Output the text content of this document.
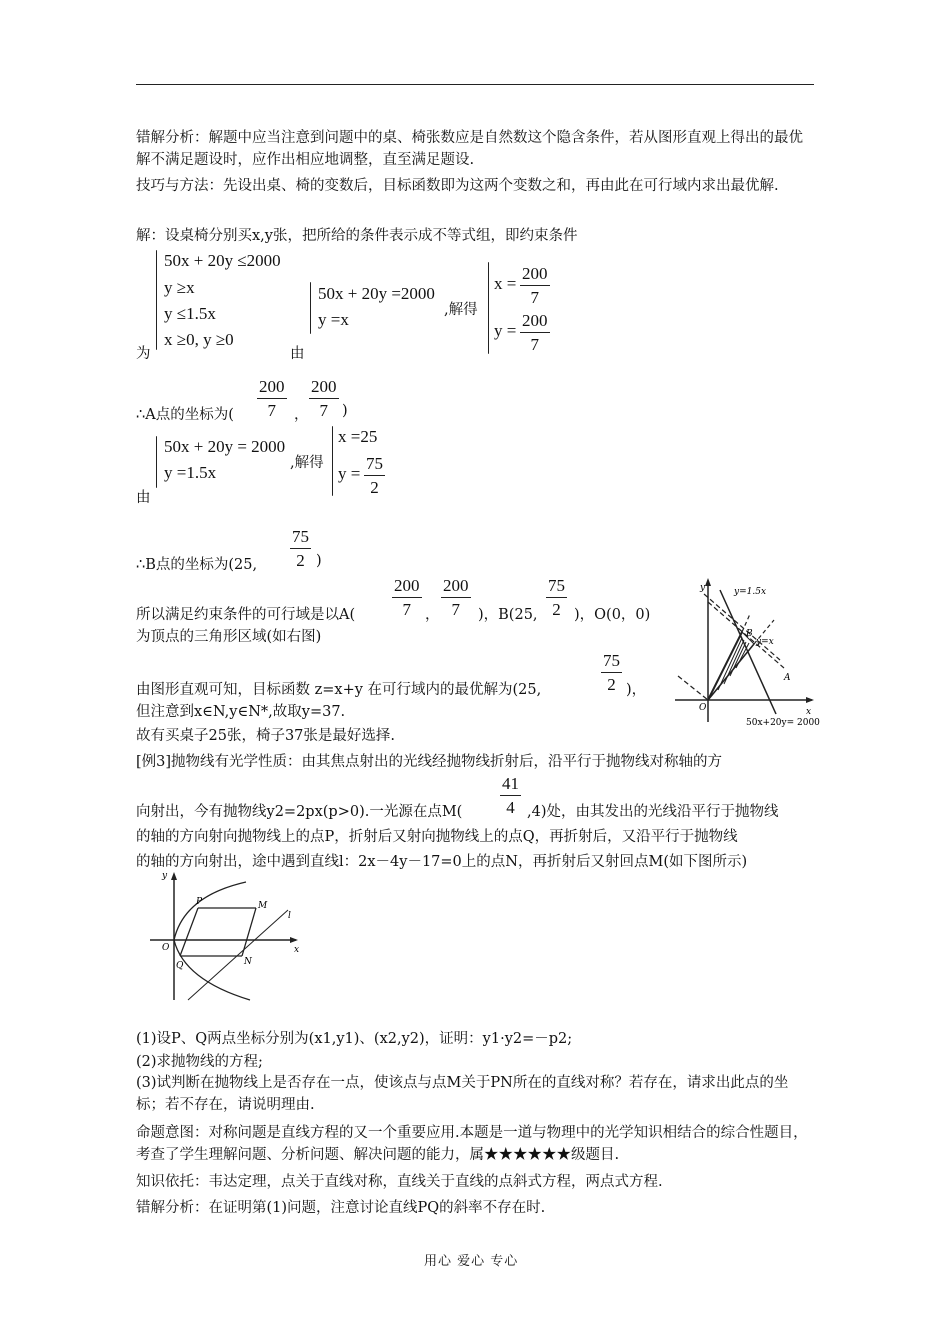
错解分析：解题中应当注意到问题中的桌、椅张数应是自然数这个隐含条件，若从图形直观上得出的最优解不满足题设时，应作出相应地调整，直至满足题设.
技巧与方法：先设出桌、椅的变数后，目标函数即为这两个变数之和，再由此在可行域内求出最优解.
解：设桌椅分别买x,y张，把所给的条件表示成不等式组，即约束条件
为
50x + 20y ≤2000
y ≥x
y ≤1.5x
x ≥0, y ≥0
由
50x + 20y =2000
y =x	,解得
$x = \frac{200}{7}$
$y = \frac{200}{7}$
∴A点的坐标为( $\frac{200}{7}$ ， $\frac{200}{7}$ )
50x + 20y = 2000
y =1.5x	,解得
由
x =25
$y = \frac{75}{2}$
∴B点的坐标为(25, $\frac{75}{2}$ )
所以满足约束条件的可行域是以$A( \frac{200}{7}$ ， $\frac{200}{7}$ )，B(25, $\frac{75}{2}$ )，O(0，0)
为顶点的三角形区域(如右图)
由图形直观可知，目标函数 z=x+y 在可行域内的最优解为(25,	$\frac{75}{2}$ )，
但注意到x∈N,y∈N*,故取y=37.
故有买桌子25张，椅子37张是最好选择.
y
x
O
y=1.5x
y=x
B
A
50x+20y= 2000
[例3]抛物线有光学性质：由其焦点射出的光线经抛物线折射后，沿平行于抛物线对称轴的方
向射出，今有抛物线y2=2px(p>0).一光源在点$M( \frac{41}{4} ,4)$处，由其发出的光线沿平行于抛物线
的轴的方向射向抛物线上的点P，折射后又射向抛物线上的点Q，再折射后，又沿平行于抛物线
的轴的方向射出，途中遇到直线l：2x－4y－17=0上的点N，再折射后又射回点M(如下图所示)
y
x
O
P	M
Q	N
l
(1)设P、Q两点坐标分别为(x1,y1)、(x2,y2)，证明：y1·y2=－p2;
(2)求抛物线的方程;
(3)试判断在抛物线上是否存在一点，使该点与点M关于PN所在的直线对称？若存在，请求出此点的坐标；若不存在，请说明理由.
命题意图：对称问题是直线方程的又一个重要应用.本题是一道与物理中的光学知识相结合的综合性题目，考查了学生理解问题、分析问题、解决问题的能力，属★★★★★★级题目.
知识依托：韦达定理，点关于直线对称，直线关于直线的点斜式方程，两点式方程.
错解分析：在证明第(1)问题，注意讨论直线PQ的斜率不存在时.
用心 爱心 专心
